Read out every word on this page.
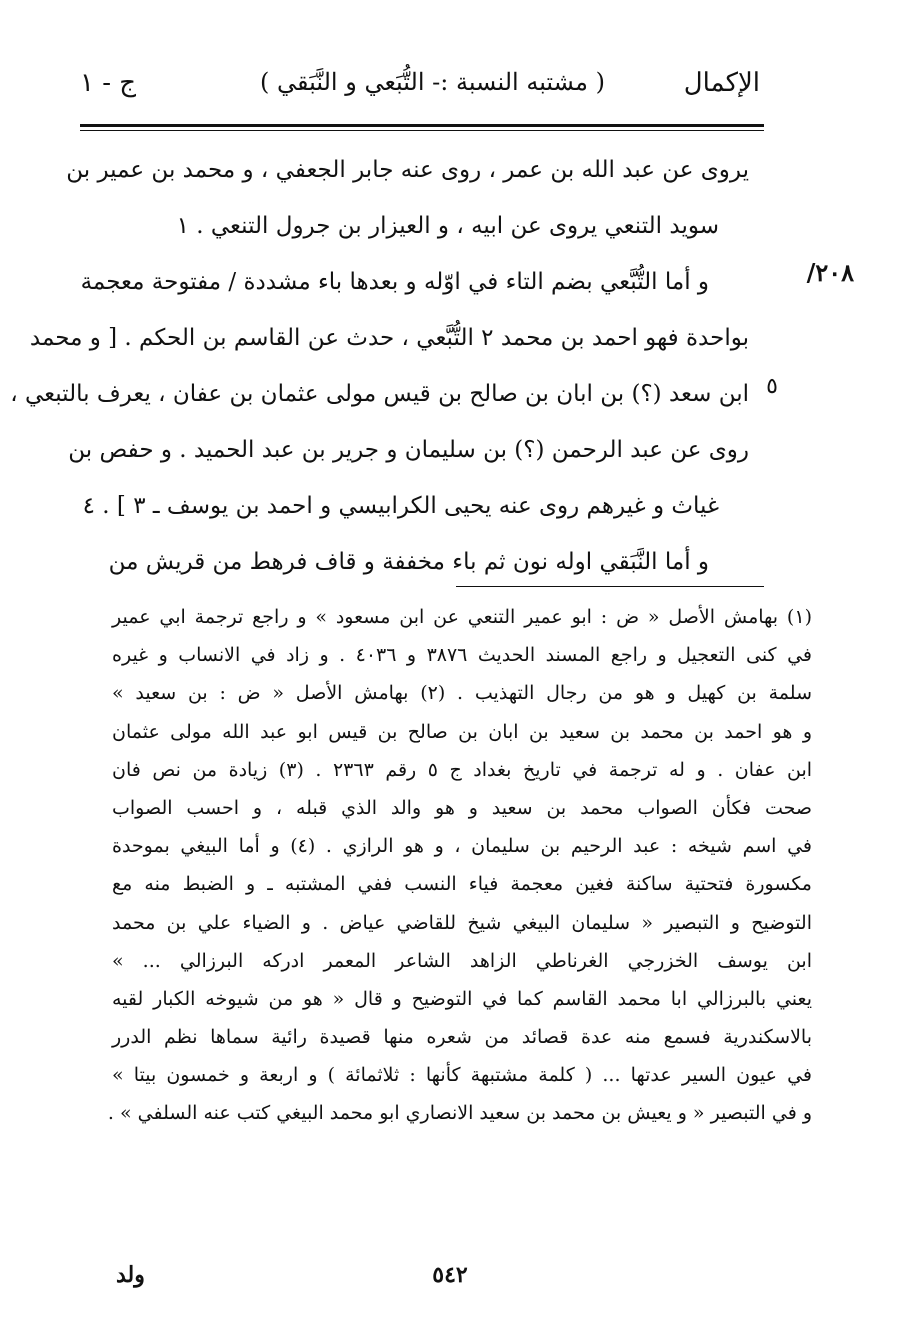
الإكمال
( مشتبه النسبة :- التُّبَعي و النَّبَقي )
ج - ١
/٢٠٨
٥
يروى عن عبد الله بن عمر ، روى عنه جابر الجعفي ، و محمد بن عمير بن
سويد التنعي يروى عن ابيه ، و العيزار بن جرول التنعي . ١
و أما التُّبَّعي بضم التاء في اوّله و بعدها باء مشددة / مفتوحة معجمة
بواحدة فهو احمد بن محمد ٢ التُّبَّعي ، حدث عن القاسم بن الحكم . [ و محمد
ابن سعد (؟) بن ابان بن صالح بن قيس مولى عثمان بن عفان ، يعرف بالتبعي ،
روى عن عبد الرحمن (؟) بن سليمان و جرير بن عبد الحميد . و حفص بن
غياث و غيرهم روى عنه يحيى الكرابيسي و احمد بن يوسف ـ ٣ ] . ٤
و أما النَّبَقي اوله نون ثم باء مخففة و قاف فرهط من قريش من
(١) بهامش الأصل « ض : ابو عمير التنعي عن ابن مسعود » و راجع ترجمة ابي عمير
في كنى التعجيل و راجع المسند الحديث ٣٨٧٦ و ٤٠٣٦ . و زاد في الانساب و غيره
سلمة بن كهيل و هو من رجال التهذيب . (٢) بهامش الأصل « ض : بن سعيد »
و هو احمد بن محمد بن سعيد بن ابان بن صالح بن قيس ابو عبد الله مولى عثمان
ابن عفان . و له ترجمة في تاريخ بغداد ج ٥ رقم ٢٣٦٣ . (٣) زيادة من نص فان
صحت فكأن الصواب محمد بن سعيد و هو والد الذي قبله ، و احسب الصواب
في اسم شيخه : عبد الرحيم بن سليمان ، و هو الرازي . (٤) و أما البيغي بموحدة
مكسورة فتحتية ساكنة فغين معجمة فياء النسب ففي المشتبه ـ و الضبط منه مع
التوضيح و التبصير « سليمان البيغي شيخ للقاضي عياض . و الضياء علي بن محمد
ابن يوسف الخزرجي الغرناطي الزاهد الشاعر المعمر ادركه البرزالي ... »
يعني بالبرزالي ابا محمد القاسم كما في التوضيح و قال « هو من شيوخه الكبار لقيه
بالاسكندرية فسمع منه عدة قصائد من شعره منها قصيدة رائية سماها نظم الدرر
في عيون السير عدتها ... ( كلمة مشتبهة كأنها : ثلاثمائة ) و اربعة و خمسون بيتا »
و في التبصير « و يعيش بن محمد بن سعيد الانصاري ابو محمد البيغي كتب عنه السلفي » .
٥٤٢
ولد
